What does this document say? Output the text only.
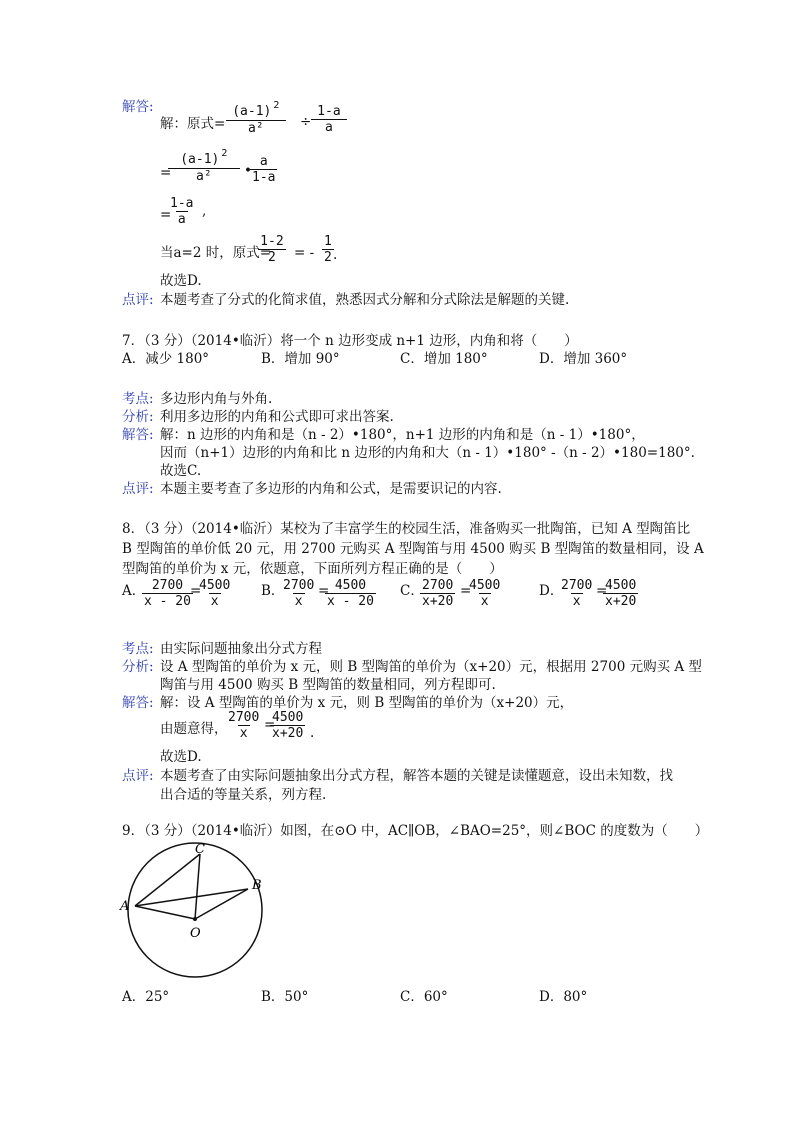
解答:
解：原式= $\frac{(a-1) ^2}{\text{a²}} \div \frac{1-a}{a}$
=
$\frac{(a-1) ^2}{\text{a²}}$ •
$\frac{a}{1-a}$
=
$\frac{1-a}{a}$ ,
当a=2 时，原式=
$\frac{1-2}{2}$ = - $\frac{1}{2}$ .
故选D.
点评: 本题考查了分式的化简求值，熟悉因式分解和分式除法是解题的关键.
7．（3 分）（2014•临沂）将一个 n 边形变成 n+1 边形，内角和将（　　）
A．减少 180°	B．增加 90°	C．增加 180°	D．增加 360°
考点: 多边形内角与外角.
分析: 利用多边形的内角和公式即可求出答案.
解答: 解：n 边形的内角和是（n - 2）•180°，n+1 边形的内角和是（n - 1）•180°，
因而（n+1）边形的内角和比 n 边形的内角和大（n - 1）•180° -（n - 2）•180=180°.
故选C.
点评: 本题主要考查了多边形的内角和公式，是需要识记的内容.
8．（3 分）（2014•临沂）某校为了丰富学生的校园生活，准备购买一批陶笛，已知 A 型陶笛比
B 型陶笛的单价低 20 元，用 2700 元购买 A 型陶笛与用 4500 购买 B 型陶笛的数量相同，设 A
型陶笛的单价为 x 元，依题意，下面所列方程正确的是（　　）
A．
$\frac{2700}{x - 20}$
=
$\frac{4500}{x}$ B．
$\frac{2700}{x}$ =
$\frac{4500}{x - 20}$ C．
$\frac{2700}{x+20}$ =
$\frac{4500}{x}$	D．
$\frac{2700}{x}$ =
$\frac{4500}{x+20}$
考点: 由实际问题抽象出分式方程
分析: 设 A 型陶笛的单价为 x 元，则 B 型陶笛的单价为（x+20）元，根据用 2700 元购买 A 型
陶笛与用 4500 购买 B 型陶笛的数量相同，列方程即可.
解答: 解：设 A 型陶笛的单价为 x 元，则 B 型陶笛的单价为（x+20）元，
由题意得，
$\frac{2700}{x}$ =
$\frac{4500}{x+20}$ .
故选D.
点评: 本题考查了由实际问题抽象出分式方程，解答本题的关键是读懂题意，设出未知数，找
出合适的等量关系，列方程.
9．（3 分）（2014•临沂）如图，在⊙O 中，AC∥OB，∠BAO=25°，则∠BOC 的度数为（　　）
C
A
B
O
A．25°	B．50°	C．60°	D．80°
